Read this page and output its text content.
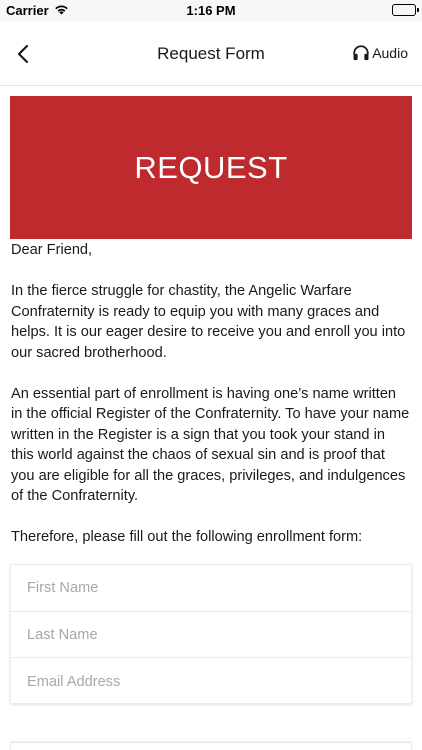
Carrier	1:16 PM
Request Form	Audio
REQUEST

Dear Friend,

In the fierce struggle for chastity, the Angelic Warfare Confraternity is ready to equip you with many graces and helps. It is our eager desire to receive you and enroll you into our sacred brotherhood.

An essential part of enrollment is having one’s name written in the official Register of the Confraternity. To have your name written in the Register is a sign that you took your stand in this world against the chaos of sexual sin and is proof that you are eligible for all the graces, privileges, and indulgences of the Confraternity.

Therefore, please fill out the following enrollment form:

First Name
Last Name
Email Address
